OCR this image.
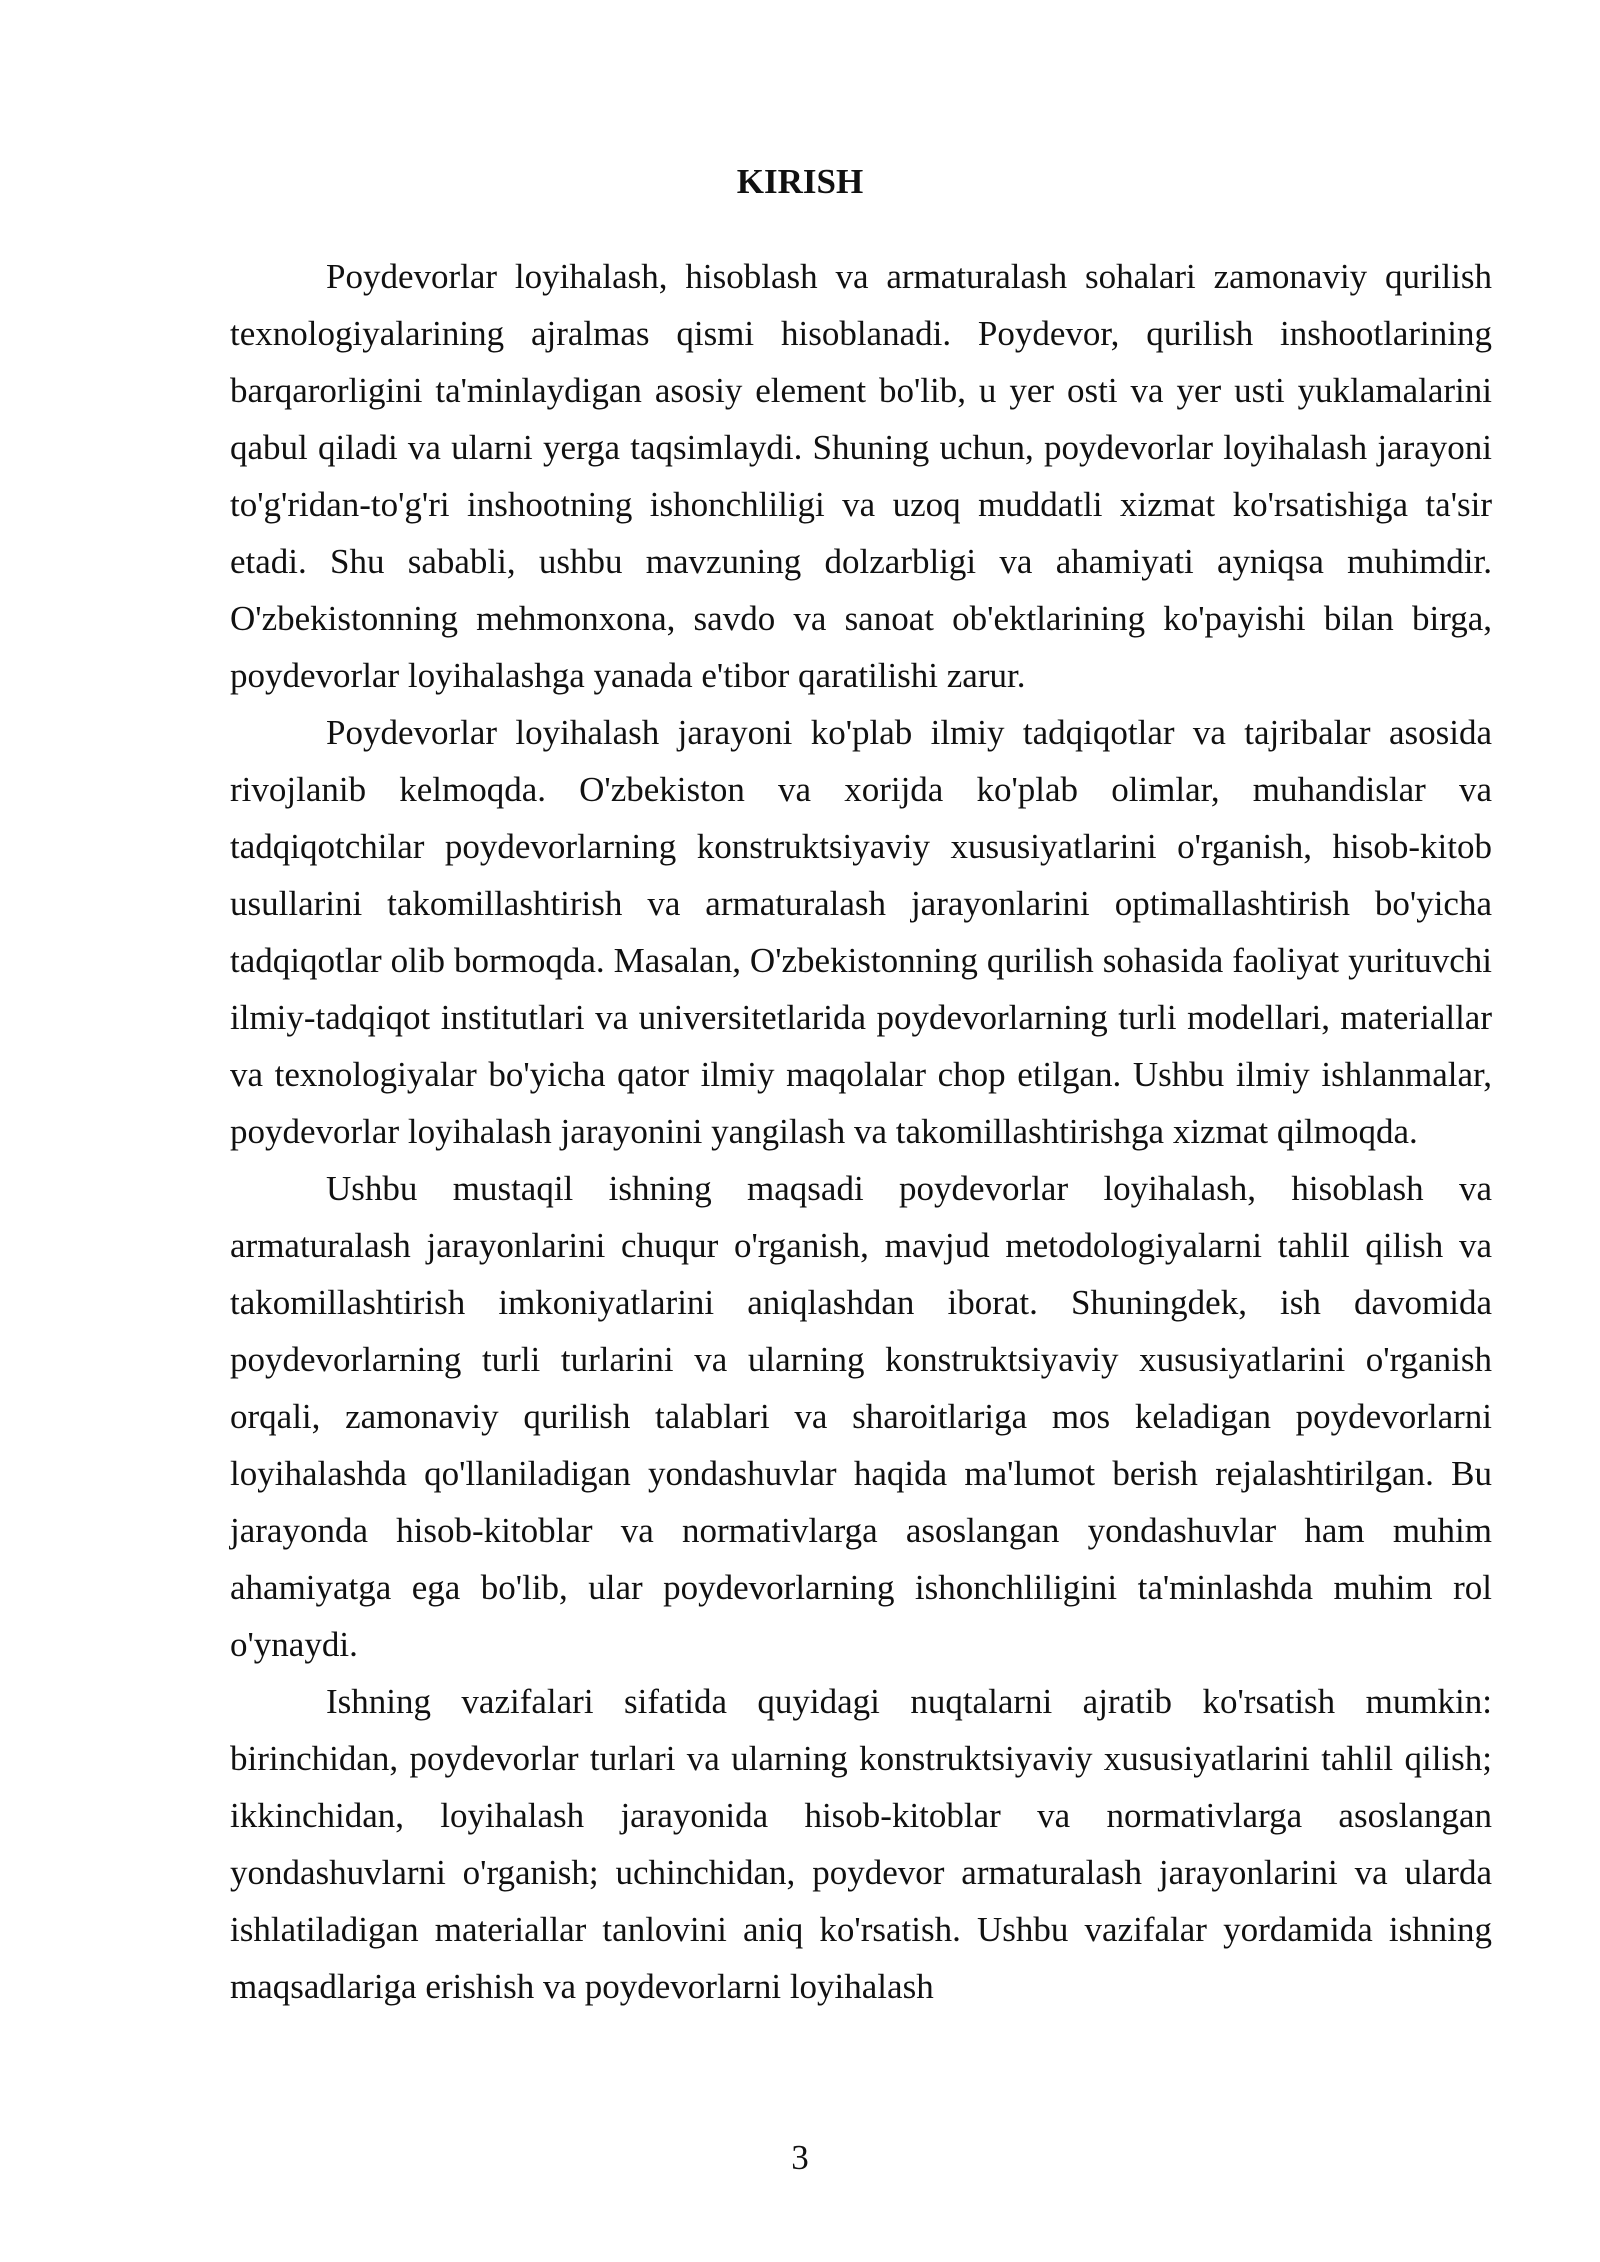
KIRISH

Poydevorlar loyihalash, hisoblash va armaturalash sohalari zamonaviy qurilish texnologiyalarining ajralmas qismi hisoblanadi. Poydevor, qurilish inshootlarining barqarorligini ta'minlaydigan asosiy element bo'lib, u yer osti va yer usti yuklamalarini qabul qiladi va ularni yerga taqsimlaydi. Shuning uchun, poydevorlar loyihalash jarayoni to'g'ridan-to'g'ri inshootning ishonchliligi va uzoq muddatli xizmat ko'rsatishiga ta'sir etadi. Shu sababli, ushbu mavzuning dolzarbligi va ahamiyati ayniqsa muhimdir. O'zbekistonning mehmonxona, savdo va sanoat ob'ektlarining ko'payishi bilan birga, poydevorlar loyihalashga yanada e'tibor qaratilishi zarur.

Poydevorlar loyihalash jarayoni ko'plab ilmiy tadqiqotlar va tajribalar asosida rivojlanib kelmoqda. O'zbekiston va xorijda ko'plab olimlar, muhandislar va tadqiqotchilar poydevorlarning konstruktsiyaviy xususiyatlarini o'rganish, hisob-kitob usullarini takomillashtirish va armaturalash jarayonlarini optimallashtirish bo'yicha tadqiqotlar olib bormoqda. Masalan, O'zbekistonning qurilish sohasida faoliyat yurituvchi ilmiy-tadqiqot institutlari va universitetlarida poydevorlarning turli modellari, materiallar va texnologiyalar bo'yicha qator ilmiy maqolalar chop etilgan. Ushbu ilmiy ishlanmalar, poydevorlar loyihalash jarayonini yangilash va takomillashtirishga xizmat qilmoqda.

Ushbu mustaqil ishning maqsadi poydevorlar loyihalash, hisoblash va armaturalash jarayonlarini chuqur o'rganish, mavjud metodologiyalarni tahlil qilish va takomillashtirish imkoniyatlarini aniqlashdan iborat. Shuningdek, ish davomida poydevorlarning turli turlarini va ularning konstruktsiyaviy xususiyatlarini o'rganish orqali, zamonaviy qurilish talablari va sharoitlariga mos keladigan poydevorlarni loyihalashda qo'llaniladigan yondashuvlar haqida ma'lumot berish rejalashtirilgan. Bu jarayonda hisob-kitoblar va normativlarga asoslangan yondashuvlar ham muhim ahamiyatga ega bo'lib, ular poydevorlarning ishonchliligini ta'minlashda muhim rol o'ynaydi.

Ishning vazifalari sifatida quyidagi nuqtalarni ajratib ko'rsatish mumkin: birinchidan, poydevorlar turlari va ularning konstruktsiyaviy xususiyatlarini tahlil qilish; ikkinchidan, loyihalash jarayonida hisob-kitoblar va normativlarga asoslangan yondashuvlarni o'rganish; uchinchidan, poydevor armaturalash jarayonlarini va ularda ishlatiladigan materiallar tanlovini aniq ko'rsatish. Ushbu vazifalar yordamida ishning maqsadlariga erishish va poydevorlarni loyihalash

3
